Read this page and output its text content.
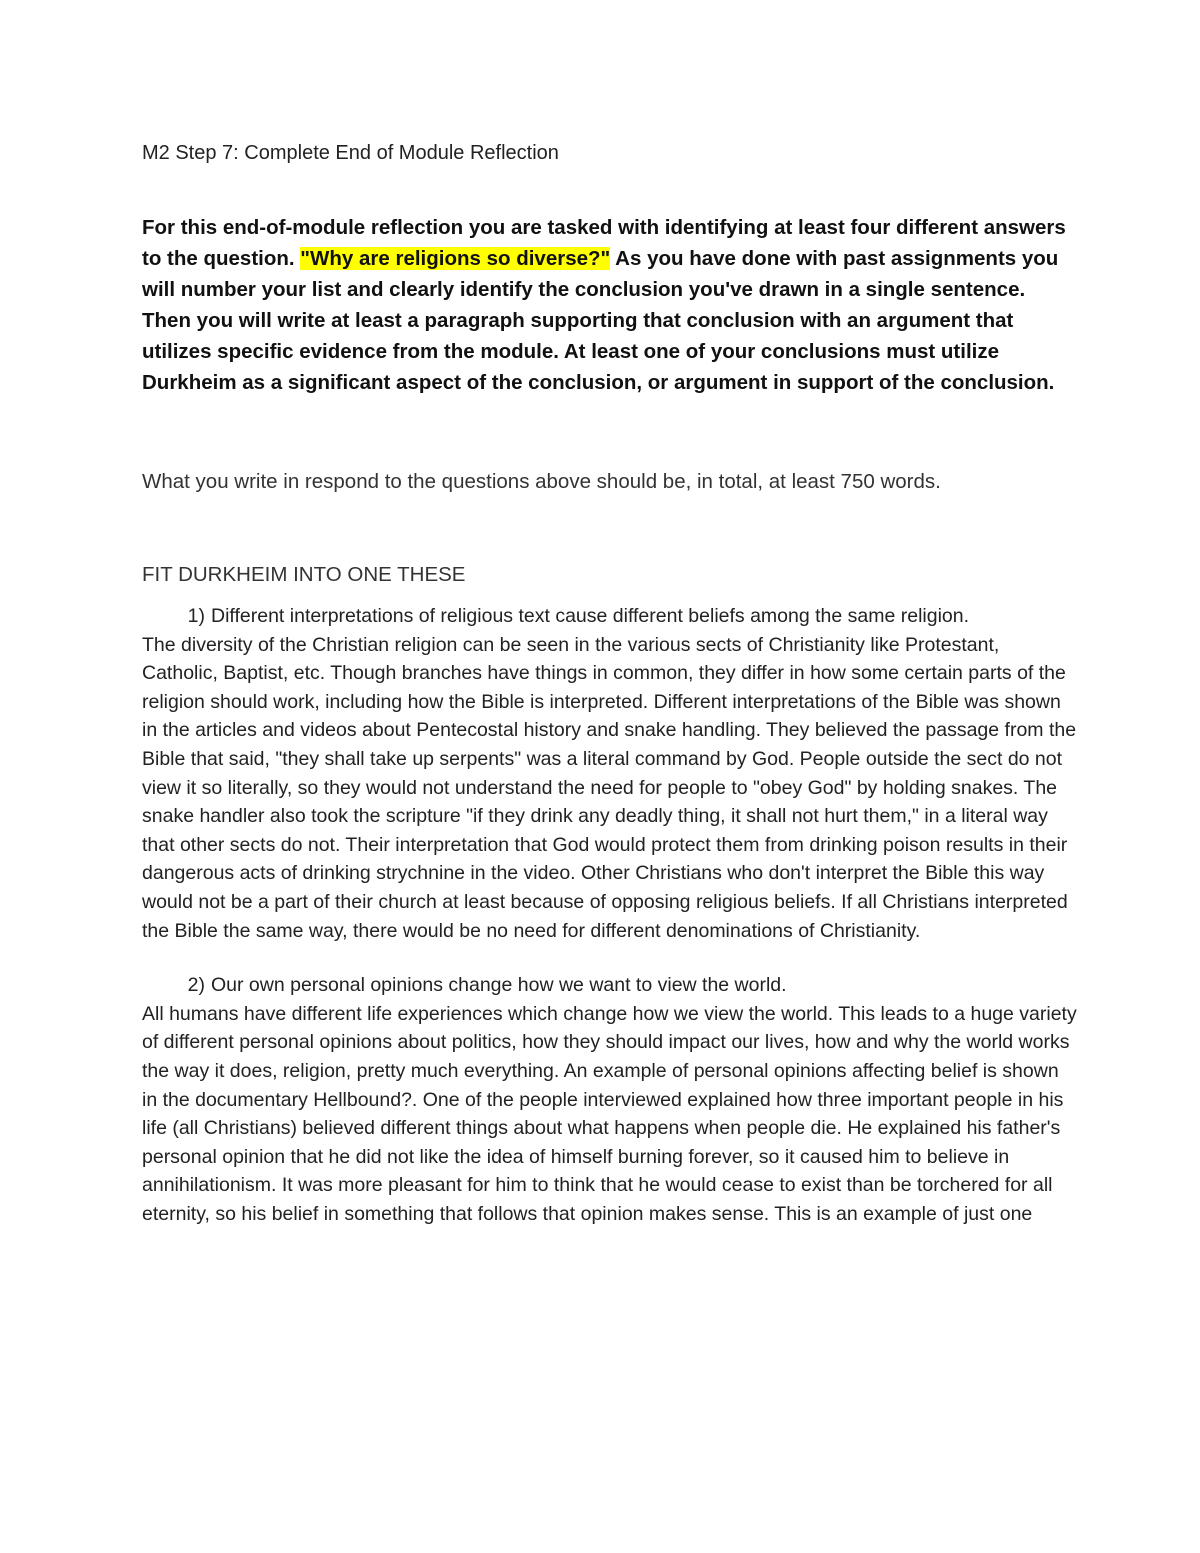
M2 Step 7: Complete End of Module Reflection

For this end-of-module reflection you are tasked with identifying at least four different answers to the question. "Why are religions so diverse?" As you have done with past assignments you will number your list and clearly identify the conclusion you've drawn in a single sentence. Then you will write at least a paragraph supporting that conclusion with an argument that utilizes specific evidence from the module. At least one of your conclusions must utilize Durkheim as a significant aspect of the conclusion, or argument in support of the conclusion.
What you write in respond to the questions above should be, in total, at least 750 words.
FIT DURKHEIM INTO ONE THESE
1) Different interpretations of religious text cause different beliefs among the same religion.
The diversity of the Christian religion can be seen in the various sects of Christianity like Protestant, Catholic, Baptist, etc. Though branches have things in common, they differ in how some certain parts of the religion should work, including how the Bible is interpreted. Different interpretations of the Bible was shown in the articles and videos about Pentecostal history and snake handling. They believed the passage from the Bible that said, "they shall take up serpents" was a literal command by God. People outside the sect do not view it so literally, so they would not understand the need for people to "obey God" by holding snakes. The snake handler also took the scripture "if they drink any deadly thing, it shall not hurt them," in a literal way that other sects do not. Their interpretation that God would protect them from drinking poison results in their dangerous acts of drinking strychnine in the video. Other Christians who don't interpret the Bible this way would not be a part of their church at least because of opposing religious beliefs. If all Christians interpreted the Bible the same way, there would be no need for different denominations of Christianity.
2) Our own personal opinions change how we want to view the world.
All humans have different life experiences which change how we view the world. This leads to a huge variety of different personal opinions about politics, how they should impact our lives, how and why the world works the way it does, religion, pretty much everything. An example of personal opinions affecting belief is shown in the documentary Hellbound?. One of the people interviewed explained how three important people in his life (all Christians) believed different things about what happens when people die. He explained his father's personal opinion that he did not like the idea of himself burning forever, so it caused him to believe in annihilationism. It was more pleasant for him to think that he would cease to exist than be torchered for all eternity, so his belief in something that follows that opinion makes sense. This is an example of just one
